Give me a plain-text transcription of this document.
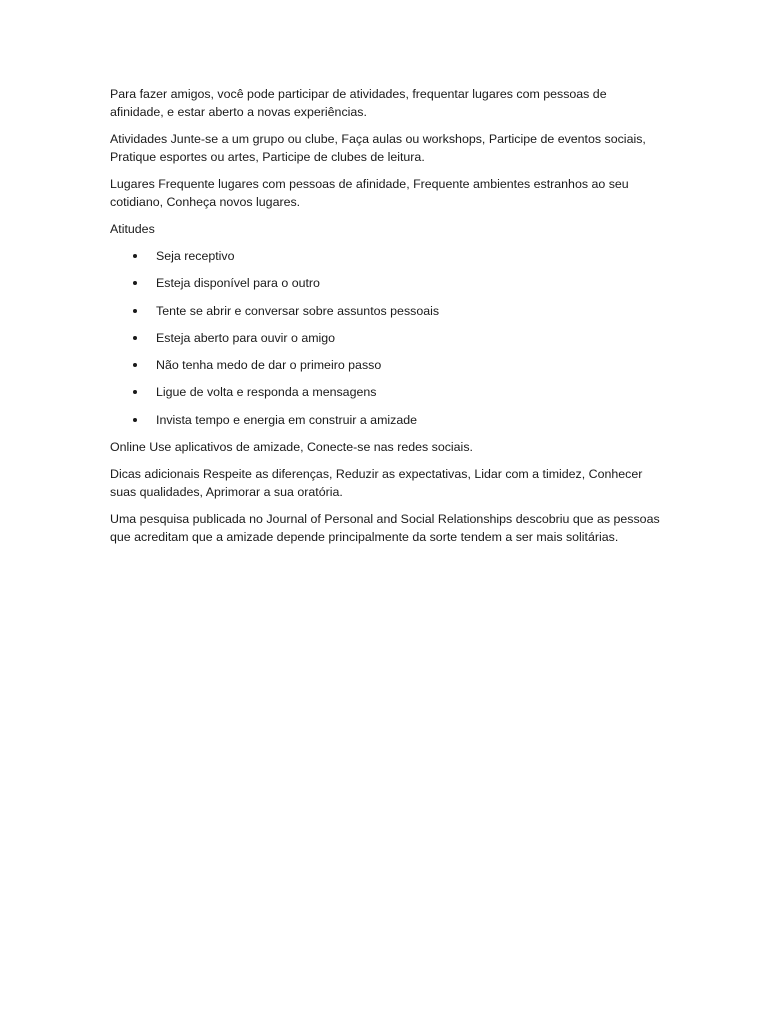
Para fazer amigos, você pode participar de atividades, frequentar lugares com pessoas de afinidade, e estar aberto a novas experiências.

Atividades Junte-se a um grupo ou clube, Faça aulas ou workshops, Participe de eventos sociais, Pratique esportes ou artes, Participe de clubes de leitura.

Lugares Frequente lugares com pessoas de afinidade, Frequente ambientes estranhos ao seu cotidiano, Conheça novos lugares.

Atitudes

Seja receptivo
Esteja disponível para o outro
Tente se abrir e conversar sobre assuntos pessoais
Esteja aberto para ouvir o amigo
Não tenha medo de dar o primeiro passo
Ligue de volta e responda a mensagens
Invista tempo e energia em construir a amizade

Online Use aplicativos de amizade, Conecte-se nas redes sociais.

Dicas adicionais Respeite as diferenças, Reduzir as expectativas, Lidar com a timidez, Conhecer suas qualidades, Aprimorar a sua oratória.

Uma pesquisa publicada no Journal of Personal and Social Relationships descobriu que as pessoas que acreditam que a amizade depende principalmente da sorte tendem a ser mais solitárias.
